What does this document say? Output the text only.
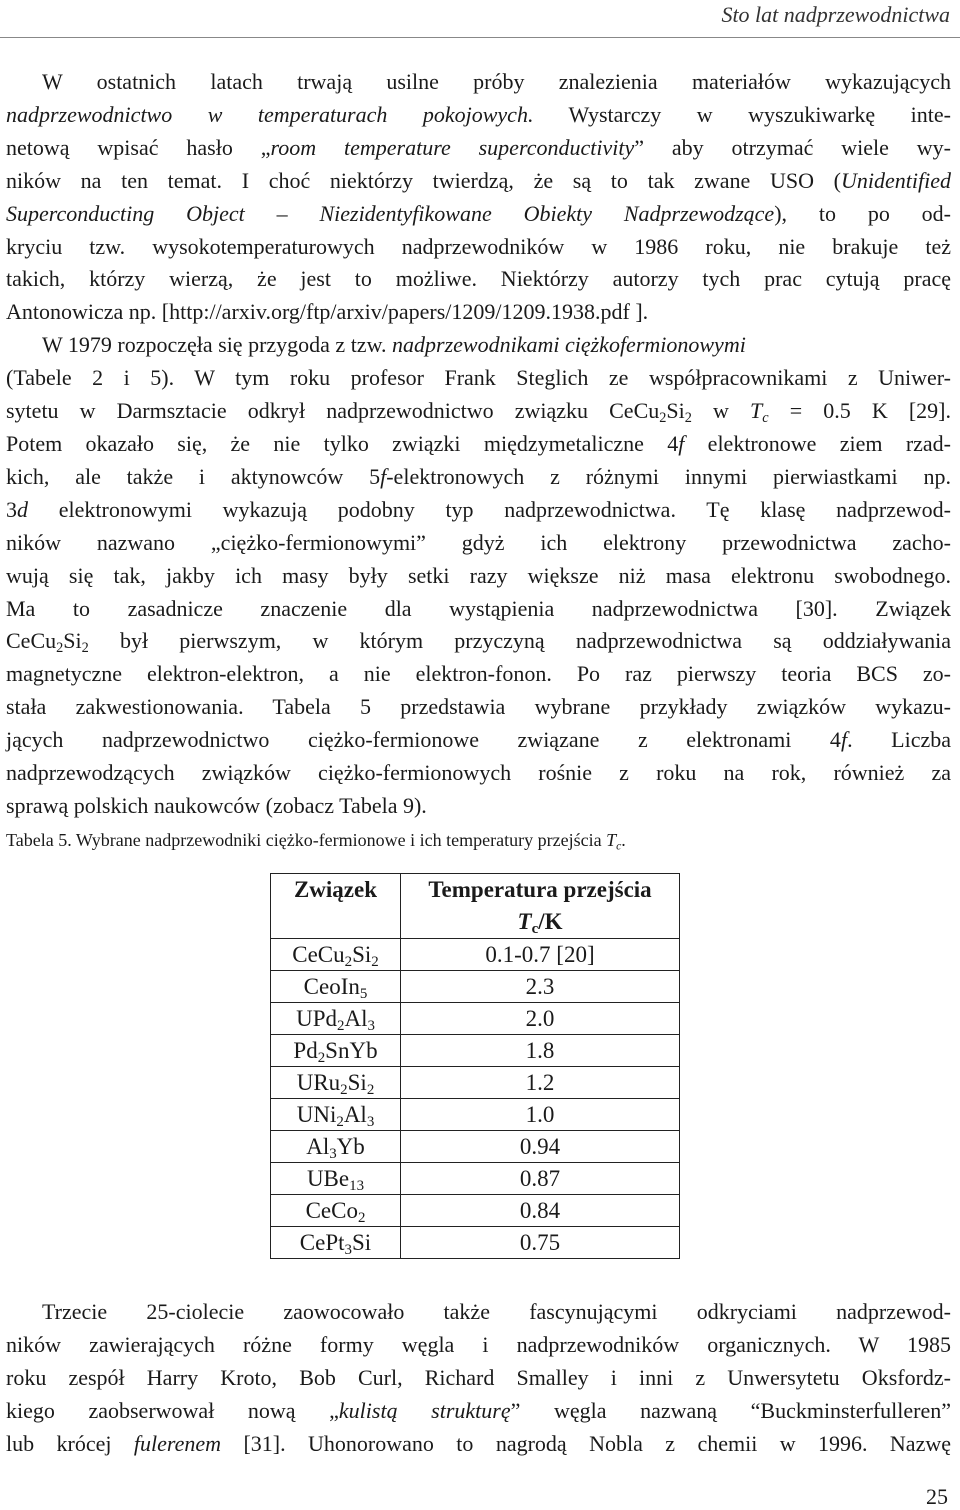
Sto lat nadprzewodnictwa
W ostatnich latach trwają usilne próby znalezienia materiałów wykazujących
nadprzewodnictwo w temperaturach pokojowych. Wystarczy w wyszukiwarkę inte-
netową wpisać hasło „room temperature superconductivity” aby otrzymać wiele wy-
ników na ten temat. I choć niektórzy twierdzą, że są to tak zwane USO (Unidentified
Superconducting Object – Niezidentyfikowane Obiekty Nadprzewodzące), to po od-
kryciu tzw. wysokotemperaturowych nadprzewodników w 1986 roku, nie brakuje też
takich, którzy wierzą, że jest to możliwe. Niektórzy autorzy tych prac cytują pracę
Antonowicza np. [http://arxiv.org/ftp/arxiv/papers/1209/1209.1938.pdf ].
W 1979 rozpoczęła się przygoda z tzw. nadprzewodnikami ciężkofermionowymi
(Tabele 2 i 5). W tym roku profesor Frank Steglich ze współpracownikami z Uniwer-
sytetu w Darmsztacie odkrył nadprzewodnictwo związku $CeCu_2Si_2$ w $T_c = 0.5$ K [29].
Potem okazało się, że nie tylko związki międzymetaliczne 4f elektronowe ziem rzad-
kich, ale także i aktynowców 5f-elektronowych z różnymi innymi pierwiastkami np.
3d elektronowymi wykazują podobny typ nadprzewodnictwa. Tę klasę nadprzewod-
ników nazwano „ciężko-fermionowymi” gdyż ich elektrony przewodnictwa zacho-
wują się tak, jakby ich masy były setki razy większe niż masa elektronu swobodnego.
Ma to zasadnicze znaczenie dla wystąpienia nadprzewodnictwa [30]. Związek
$CeCu_2Si_2$ był pierwszym, w którym przyczyną nadprzewodnictwa są oddziaływania
magnetyczne elektron-elektron, a nie elektron-fonon. Po raz pierwszy teoria BCS zo-
stała zakwestionowania. Tabela 5 przedstawia wybrane przykłady związków wykazu-
jących nadprzewodnictwo ciężko-fermionowe związane z elektronami 4f. Liczba
nadprzewodzących związków ciężko-fermionowych rośnie z roku na rok, również za
sprawą polskich naukowców (zobacz Tabela 9).
Tabela 5. Wybrane nadprzewodniki ciężko-fermionowe i ich temperatury przejścia $T_c$.
Związek	Temperatura przejścia
$T_c/K$
$CeCu_2Si_2$	0.1-0.7 [20]
CeoIn$_5$	2.3
$UPd_2Al_3$	2.0
$Pd_2SnYb$	1.8
$URu_2Si_2$	1.2
$UNi_2Al_3$	1.0
$Al_3Yb$	0.94
UBe$_{13}$	0.87
CeCo$_2$	0.84
CePt$_3$Si	0.75
Trzecie 25-ciolecie zaowocowało także fascynującymi odkryciami nadprzewod-
ników zawierających różne formy węgla i nadprzewodników organicznych. W 1985
roku zespół Harry Kroto, Bob Curl, Richard Smalley i inni z Unwersytetu Oksfordz-
kiego zaobserwował nową „kulistą strukturę” węgla nazwaną “Buckminsterfulleren”
lub krócej fulerenem [31]. Uhonorowano to nagrodą Nobla z chemii w 1996. Nazwę
25
